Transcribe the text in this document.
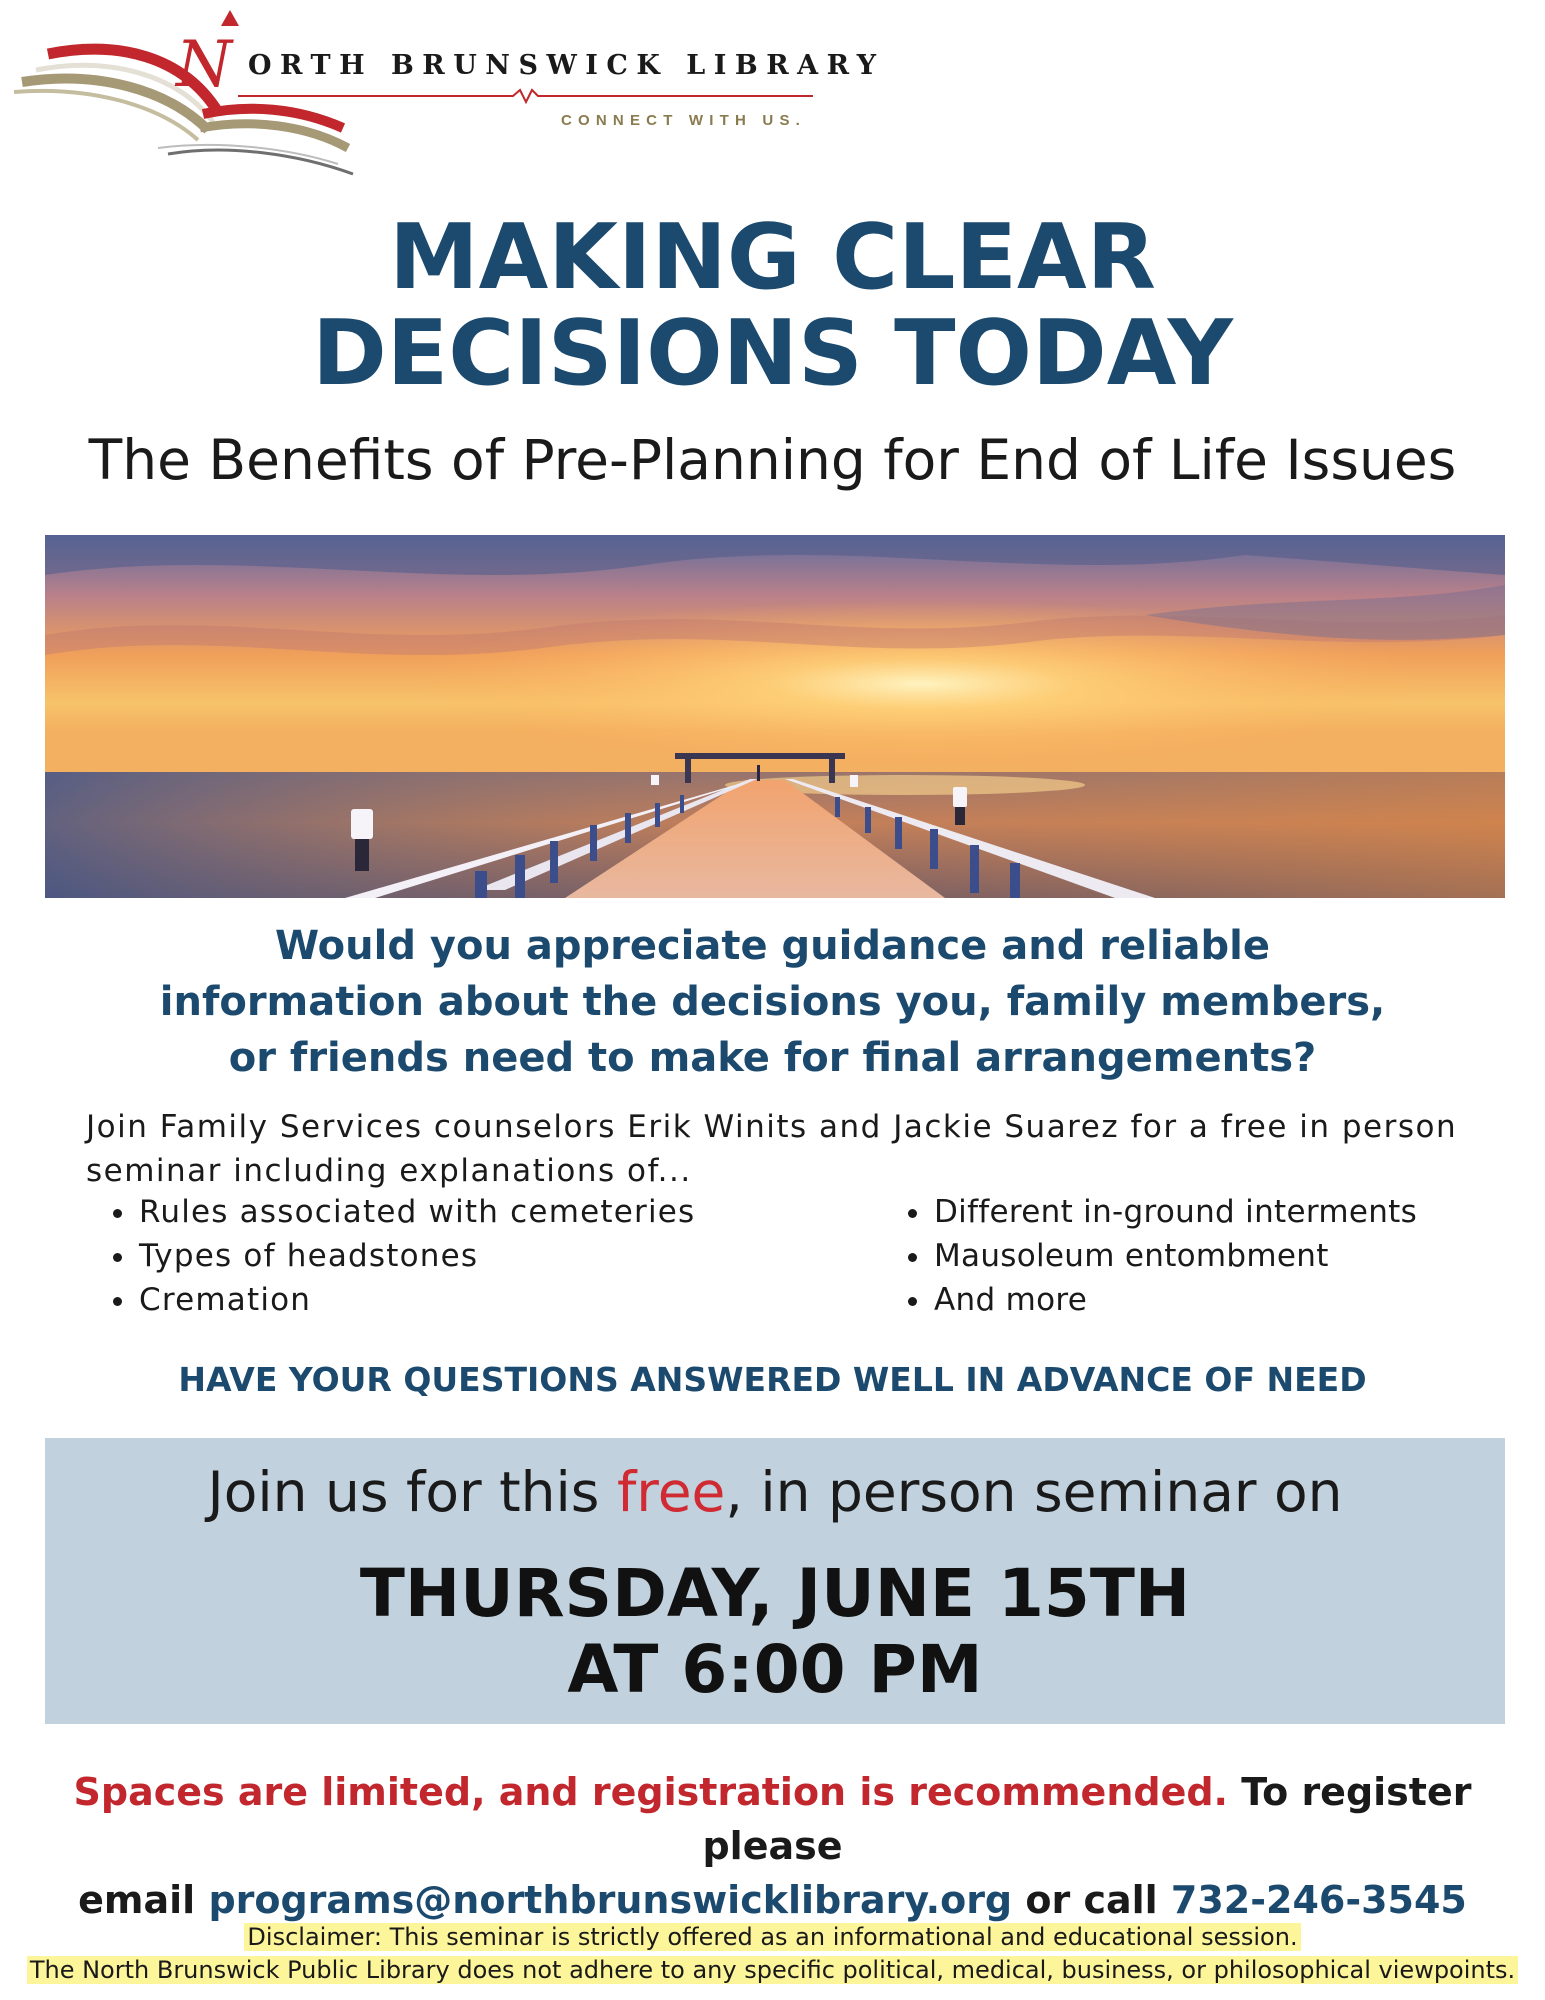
N ORTH BRUNSWICK LIBRARY
CONNECT WITH US.
MAKING CLEAR
DECISIONS TODAY
The Benefits of Pre-Planning for End of Life Issues
Would you appreciate guidance and reliable
information about the decisions you, family members,
or friends need to make for final arrangements?
Join Family Services counselors Erik Winits and Jackie Suarez for a free in person
seminar including explanations of...
Rules associated with cemeteries
Types of headstones
Cremation
Different in-ground interments
Mausoleum entombment
And more
HAVE YOUR QUESTIONS ANSWERED WELL IN ADVANCE OF NEED
Join us for this free, in person seminar on
THURSDAY, JUNE 15TH
AT 6:00 PM
Spaces are limited, and registration is recommended. To register please
email programs@northbrunswicklibrary.org or call 732-246-3545
Disclaimer: This seminar is strictly offered as an informational and educational session.
The North Brunswick Public Library does not adhere to any specific political, medical, business, or philosophical viewpoints.
